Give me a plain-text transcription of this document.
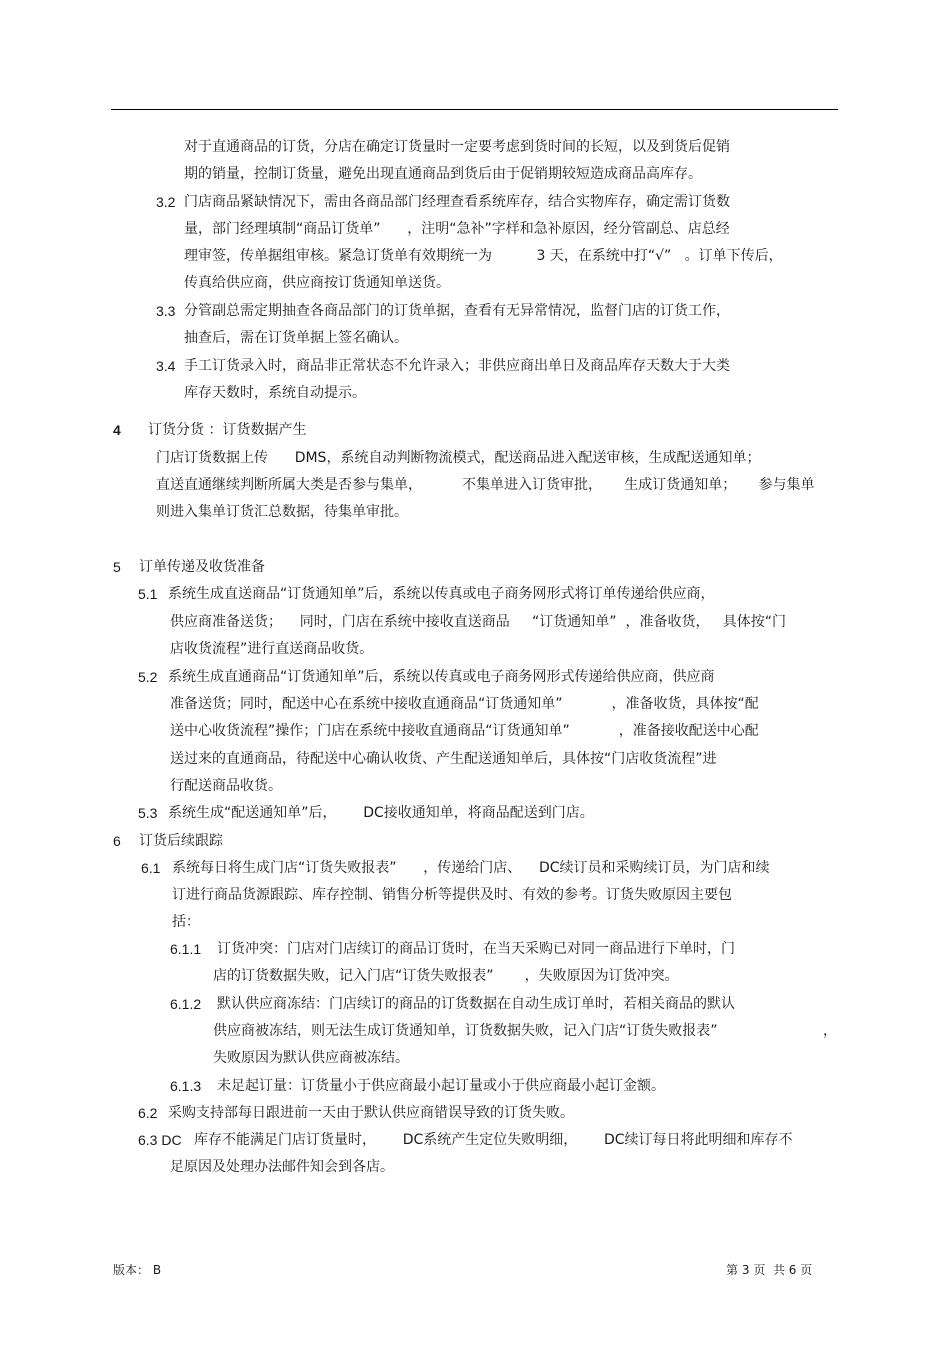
对于直通商品的订货，分店在确定订货量时一定要考虑到货时间的长短，以及到货后促销
期的销量，控制订货量，避免出现直通商品到货后由于促销期较短造成商品高库存。
3.2 门店商品紧缺情况下，需由各商品部门经理查看系统库存，结合实物库存，确定需订货数
量，部门经理填制“商品订货单”      ，注明“急补”字样和急补原因，经分管副总、店总经
理审签，传单据组审核。紧急订货单有效期统一为          3 天，在系统中打“√”   。订单下传后，
传真给供应商，供应商按订货通知单送货。
3.3 分管副总需定期抽查各商品部门的订货单据，查看有无异常情况，监督门店的订货工作，
抽查后，需在订货单据上签名确认。
3.4 手工订货录入时，商品非正常状态不允许录入；非供应商出单日及商品库存天数大于大类
库存天数时，系统自动提示。
4 订货分货 ：订货数据产生
门店订货数据上传      DMS，系统自动判断物流模式，配送商品进入配送审核，生成配送通知单；
直送直通继续判断所属大类是否参与集单，         不集单进入订货审批，     生成订货通知单；     参与集单
则进入集单订货汇总数据，待集单审批。
5 订单传递及收货准备
5.1 系统生成直送商品“订货通知单”后，系统以传真或电子商务网形式将订单传递给供应商，
供应商准备送货；    同时，门店在系统中接收直送商品     “订货通知单”  ，准备收货，   具体按“门
店收货流程”进行直送商品收货。
5.2 系统生成直通商品“订货通知单”后，系统以传真或电子商务网形式传递给供应商，供应商
准备送货；同时，配送中心在系统中接收直通商品“订货通知单”           ，准备收货，具体按“配
送中心收货流程”操作；门店在系统中接收直通商品“订货通知单”           ，准备接收配送中心配
送过来的直通商品，待配送中心确认收货、产生配送通知单后，具体按“门店收货流程”进
行配送商品收货。
5.3 系统生成“配送通知单”后，      DC接收通知单，将商品配送到门店。
6 订货后续跟踪
6.1 系统每日将生成门店“订货失败报表”      ，传递给门店、    DC续订员和采购续订员，为门店和续
订进行商品货源跟踪、库存控制、销售分析等提供及时、有效的参考。订货失败原因主要包
括：
6.1.1 订货冲突：门店对门店续订的商品订货时，在当天采购已对同一商品进行下单时，门
店的订货数据失败，记入门店“订货失败报表”       ，失败原因为订货冲突。
6.1.2 默认供应商冻结：门店续订的商品的订货数据在自动生成订单时，若相关商品的默认
供应商被冻结，则无法生成订货通知单，订货数据失败，记入门店“订货失败报表”	，
失败原因为默认供应商被冻结。
6.1.3 未足起订量：订货量小于供应商最小起订量或小于供应商最小起订金额。
6.2 采购支持部每日跟进前一天由于默认供应商错误导致的订货失败。
6.3 DC 库存不能满足门店订货量时，      DC系统产生定位失败明细，      DC续订每日将此明细和库存不
足原因及处理办法邮件知会到各店。
版本： B	第 3 页  共 6 页
